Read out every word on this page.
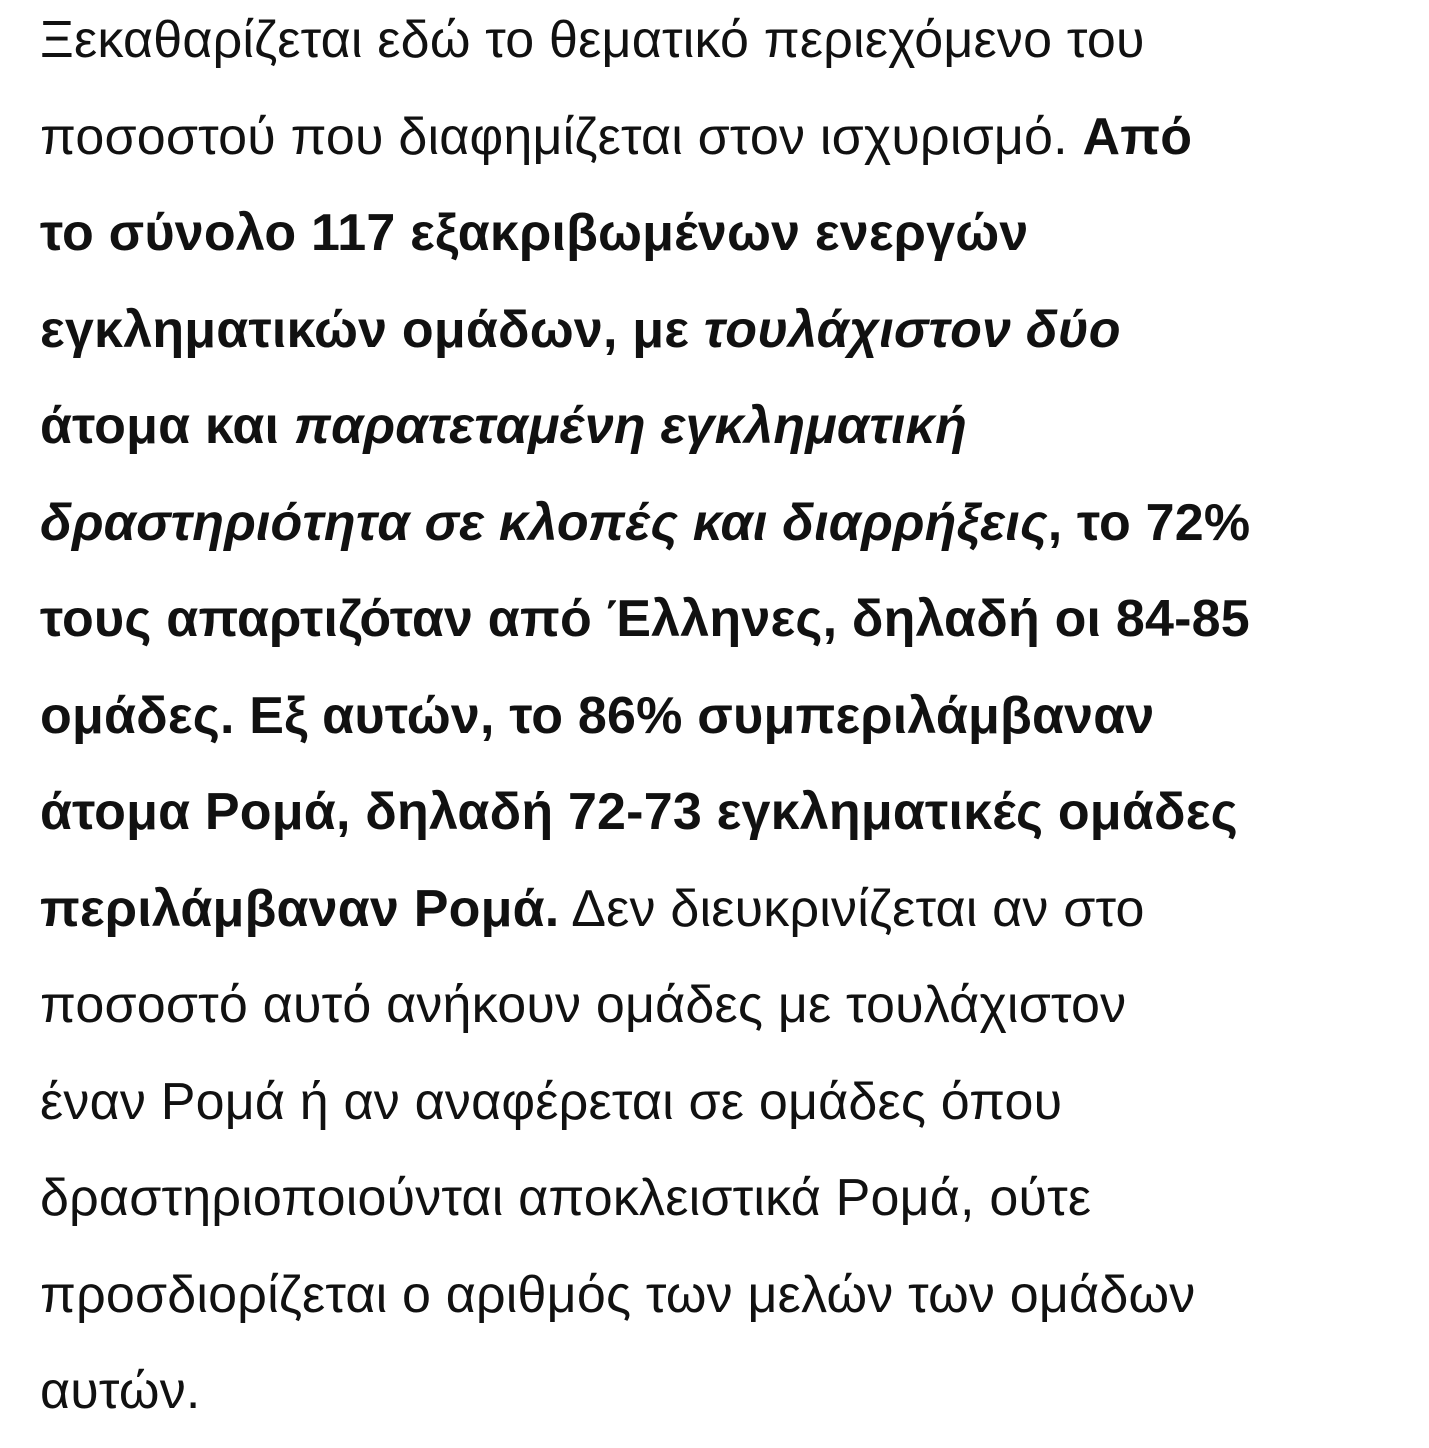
Ξεκαθαρίζεται εδώ το θεματικό περιεχόμενο του
ποσοστού που διαφημίζεται στον ισχυρισμό. Από
το σύνολο 117 εξακριβωμένων ενεργών
εγκληματικών ομάδων, με τουλάχιστον δύο
άτομα και παρατεταμένη εγκληματική
δραστηριότητα σε κλοπές και διαρρήξεις, το 72%
τους απαρτιζόταν από Έλληνες, δηλαδή οι 84-85
ομάδες. Εξ αυτών, το 86% συμπεριλάμβαναν
άτομα Ρομά, δηλαδή 72-73 εγκληματικές ομάδες
περιλάμβαναν Ρομά. Δεν διευκρινίζεται αν στο
ποσοστό αυτό ανήκουν ομάδες με τουλάχιστον
έναν Ρομά ή αν αναφέρεται σε ομάδες όπου
δραστηριοποιούνται αποκλειστικά Ρομά, ούτε
προσδιορίζεται ο αριθμός των μελών των ομάδων
αυτών.
